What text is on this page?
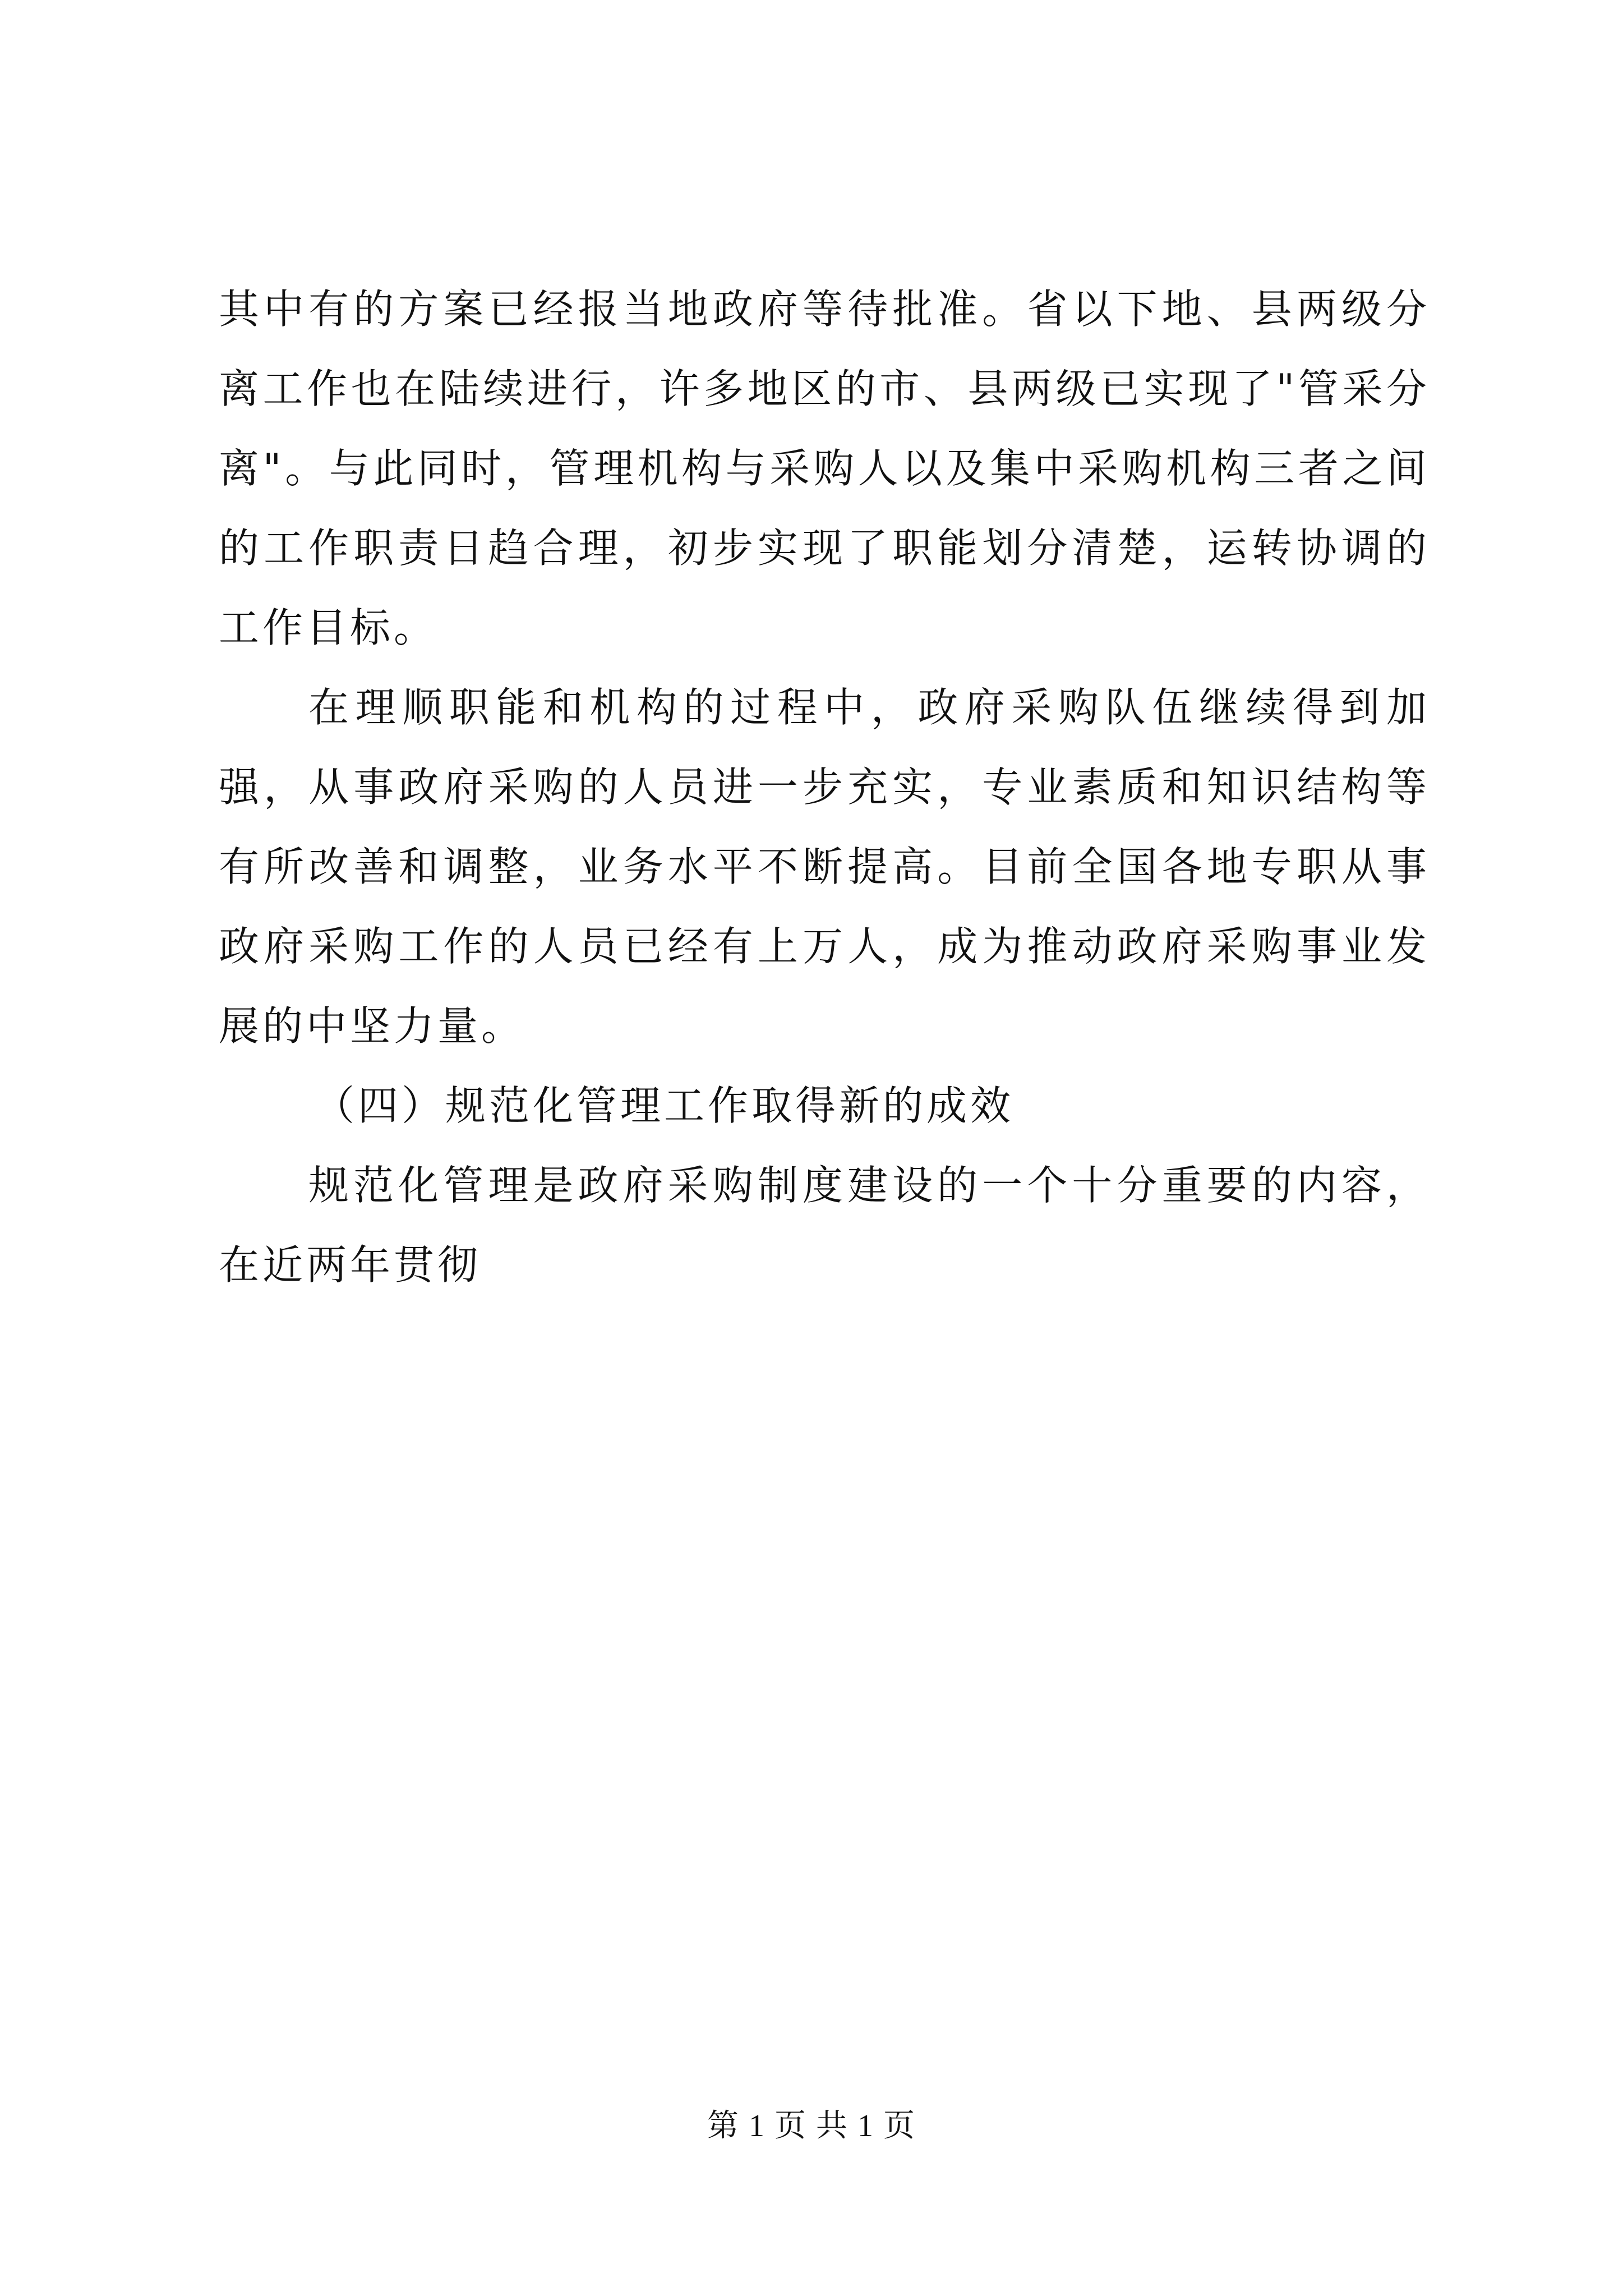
其中有的方案已经报当地政府等待批准。省以下地、县两级分离工作也在陆续进行，许多地区的市、县两级已实现了"管采分离"。与此同时，管理机构与采购人以及集中采购机构三者之间的工作职责日趋合理，初步实现了职能划分清楚，运转协调的工作目标。

在理顺职能和机构的过程中，政府采购队伍继续得到加强，从事政府采购的人员进一步充实，专业素质和知识结构等有所改善和调整，业务水平不断提高。目前全国各地专职从事政府采购工作的人员已经有上万人，成为推动政府采购事业发展的中坚力量。

（四）规范化管理工作取得新的成效

规范化管理是政府采购制度建设的一个十分重要的内容，在近两年贯彻

第 1 页 共 1 页
